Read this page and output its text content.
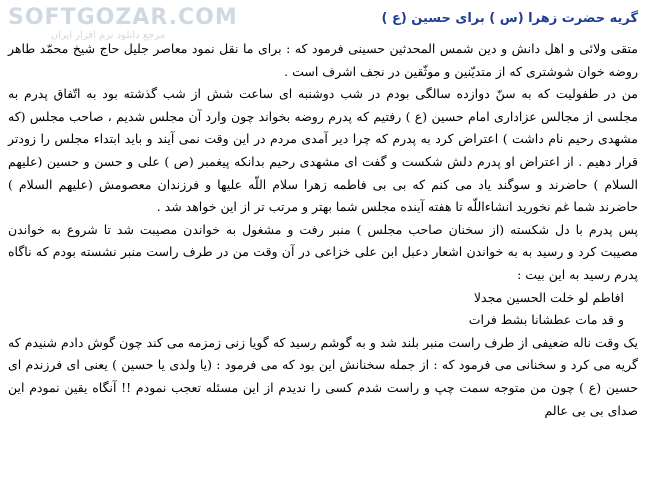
SOFTGOZAR.COM
مرجع دانلود نرم افزار ایران
گریه حضرت زهرا (س ) برای حسین (ع )

متقی ولائی و اهل دانش و دین شمس المحدثین حسینی فرمود که : برای ما نقل نمود معاصر جلیل حاج شیخ محمّد طاهر روضه خوان شوشتری که از متدیّنین و موثّقین در نجف اشرف است .

من در طفولیت که به سنّ دوازده سالگی بودم در شب دوشنبه ای ساعت شش از شب گذشته بود به اتّفاق پدرم به مجلسی از مجالس عزاداری امام حسین (ع ) رفتیم که پدرم روضه بخواند چون وارد آن مجلس شدیم ، صاحب مجلس (که مشهدی رحیم نام داشت ) اعتراض کرد به پدرم که چرا دیر آمدی مردم در این وقت نمی آیند و باید ابتداء مجلس را زودتر قرار دهیم . از اعتراض او پدرم دلش شکست و گفت ای مشهدی رحیم بدانکه پیغمبر (ص ) علی و حسن و حسین (علیهم السلام ) حاضرند و سوگند یاد می کنم که بی بی فاطمه زهرا سلام اللّه علیها و فرزندان معصومش (علیهم السلام ) حاضرند شما غم نخورید انشاءاللّه تا هفته آینده مجلس شما بهتر و مرتب تر از این خواهد شد .

پس پدرم با دل شکسته (از سخنان صاحب مجلس ) منبر رفت و مشغول به خواندن مصیبت شد تا شروع به خواندن مصیبت کرد و رسید به به خواندن اشعار دعبل ابن علی خزاعی در آن وقت من در طرف راست منبر نشسته بودم که ناگاه پدرم رسید به این بیت :

افاطم لو خلت الحسین مجدلا

و قد مات عطشانا بشط فرات

یک وقت ناله ضعیفی از طرف راست منبر بلند شد و به گوشم رسید که گویا زنی زمزمه می کند چون گوش دادم شنیدم که گریه می کرد و سخنانی می فرمود که : از جمله سخنانش این بود که می فرمود : (یا ولدی یا حسین ) یعنی ای فرزندم ای حسین (ع ) چون من متوجه سمت چپ و راست شدم کسی را ندیدم از این مسئله تعجب نمودم !! آنگاه یقین نمودم این صدای بی بی عالم
